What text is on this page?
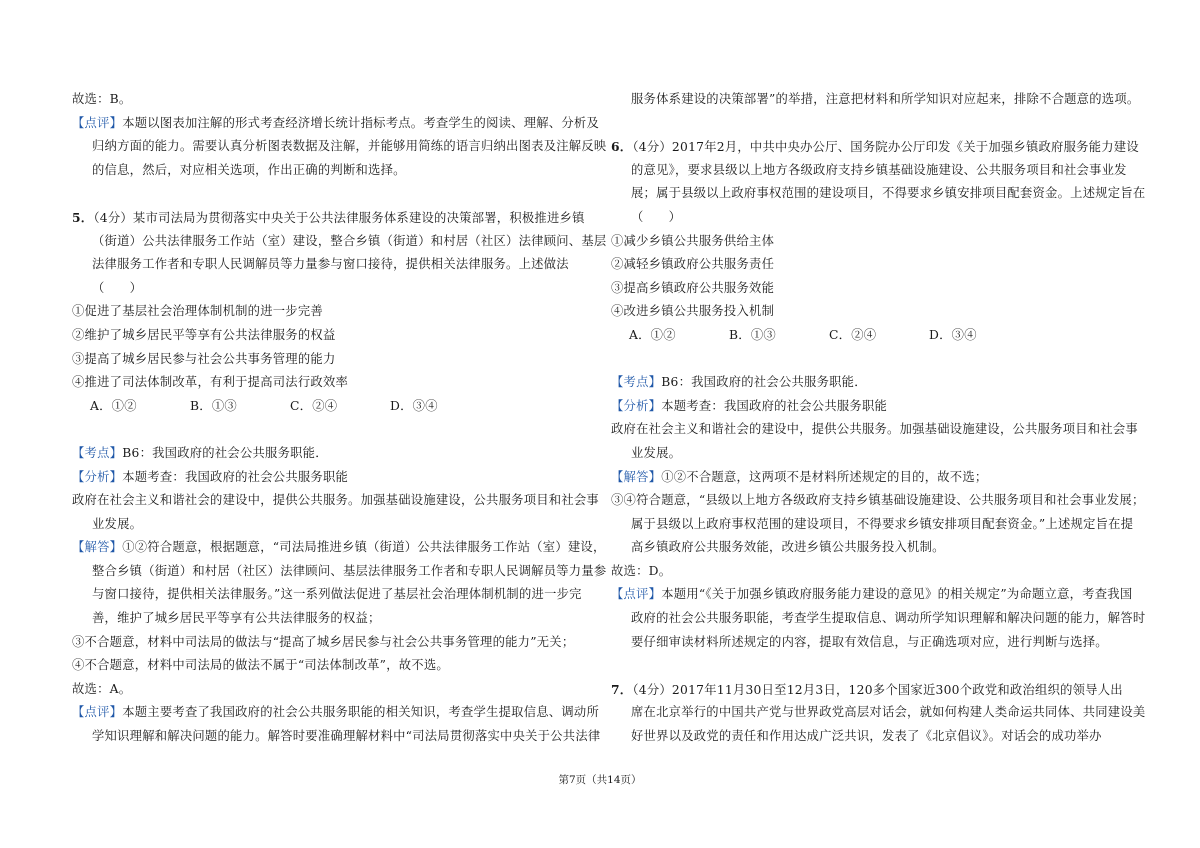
故选：B。
【点评】本题以图表加注解的形式考查经济增长统计指标考点。考查学生的阅读、理解、分析及
归纳方面的能力。需要认真分析图表数据及注解，并能够用简练的语言归纳出图表及注解反映
的信息，然后，对应相关选项，作出正确的判断和选择。
5．（4分）某市司法局为贯彻落实中央关于公共法律服务体系建设的决策部署，积极推进乡镇
（街道）公共法律服务工作站（室）建设，整合乡镇（街道）和村居（社区）法律顾问、基层
法律服务工作者和专职人民调解员等力量参与窗口接待，提供相关法律服务。上述做法
（　　）
①促进了基层社会治理体制机制的进一步完善
②维护了城乡居民平等享有公共法律服务的权益
③提高了城乡居民参与社会公共事务管理的能力
④推进了司法体制改革，有利于提高司法行政效率
A．①②	B．①③	C．②④	D．③④
【考点】B6：我国政府的社会公共服务职能．
【分析】本题考查：我国政府的社会公共服务职能
政府在社会主义和谐社会的建设中，提供公共服务。加强基础设施建设，公共服务项目和社会事
业发展。
【解答】①②符合题意，根据题意，“司法局推进乡镇（街道）公共法律服务工作站（室）建设，
整合乡镇（街道）和村居（社区）法律顾问、基层法律服务工作者和专职人民调解员等力量参
与窗口接待，提供相关法律服务。”这一系列做法促进了基层社会治理体制机制的进一步完
善，维护了城乡居民平等享有公共法律服务的权益；
③不合题意，材料中司法局的做法与“提高了城乡居民参与社会公共事务管理的能力”无关；
④不合题意，材料中司法局的做法不属于“司法体制改革”，故不选。
故选：A。
【点评】本题主要考查了我国政府的社会公共服务职能的相关知识，考查学生提取信息、调动所
学知识理解和解决问题的能力。解答时要准确理解材料中“司法局贯彻落实中央关于公共法律
服务体系建设的决策部署”的举措，注意把材料和所学知识对应起来，排除不合题意的选项。
6．（4分）2017年2月，中共中央办公厅、国务院办公厅印发《关于加强乡镇政府服务能力建设
的意见》，要求县级以上地方各级政府支持乡镇基础设施建设、公共服务项目和社会事业发
展；属于县级以上政府事权范围的建设项目，不得要求乡镇安排项目配套资金。上述规定旨在
（　　）
①减少乡镇公共服务供给主体
②减轻乡镇政府公共服务责任
③提高乡镇政府公共服务效能
④改进乡镇公共服务投入机制
A．①②	B．①③	C．②④	D．③④
【考点】B6：我国政府的社会公共服务职能．
【分析】本题考查：我国政府的社会公共服务职能
政府在社会主义和谐社会的建设中，提供公共服务。加强基础设施建设，公共服务项目和社会事
业发展。
【解答】①②不合题意，这两项不是材料所述规定的目的，故不选；
③④符合题意，“县级以上地方各级政府支持乡镇基础设施建设、公共服务项目和社会事业发展；
属于县级以上政府事权范围的建设项目，不得要求乡镇安排项目配套资金。”上述规定旨在提
高乡镇政府公共服务效能，改进乡镇公共服务投入机制。
故选：D。
【点评】本题用“《关于加强乡镇政府服务能力建设的意见》的相关规定”为命题立意，考查我国
政府的社会公共服务职能，考查学生提取信息、调动所学知识理解和解决问题的能力，解答时
要仔细审读材料所述规定的内容，提取有效信息，与正确选项对应，进行判断与选择。
7．（4分）2017年11月30日至12月3日，120多个国家近300个政党和政治组织的领导人出
席在北京举行的中国共产党与世界政党高层对话会，就如何构建人类命运共同体、共同建设美
好世界以及政党的责任和作用达成广泛共识，发表了《北京倡议》。对话会的成功举办
第7页（共14页）
